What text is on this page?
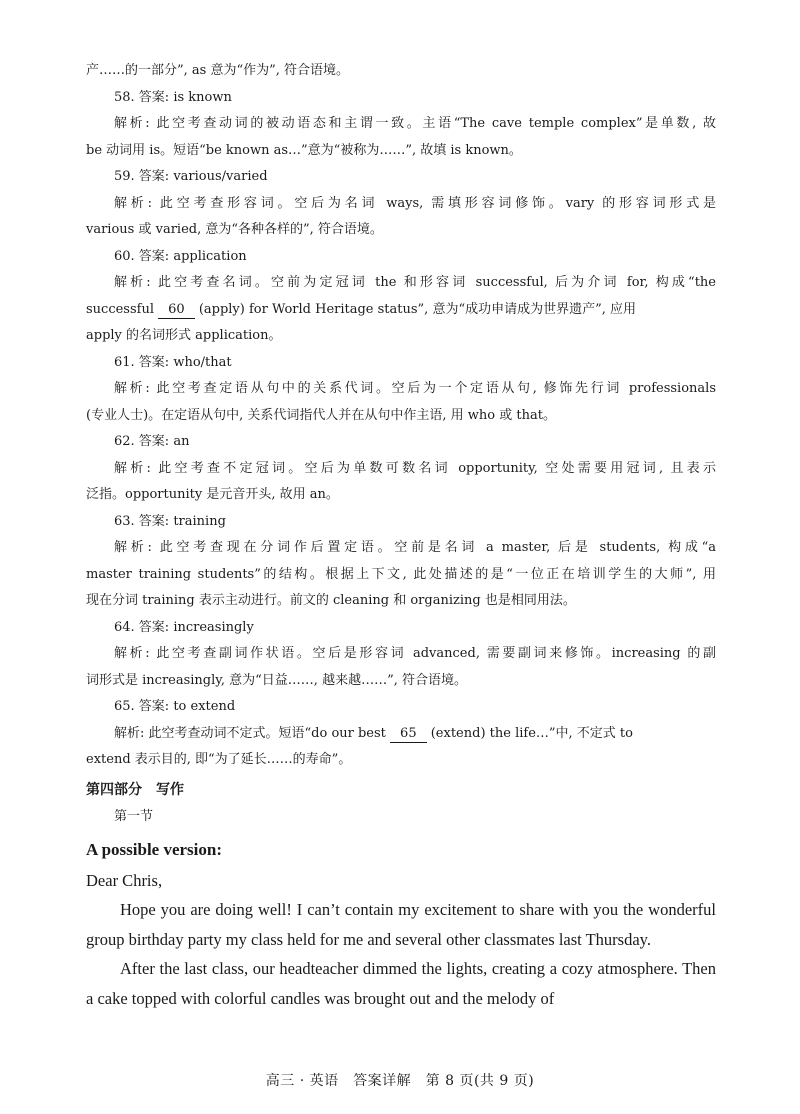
产……的一部分”, as 意为“作为”, 符合语境。
58. 答案: is known
解析: 此空考查动词的被动语态和主谓一致。主语“The cave temple complex”是单数, 故
be 动词用 is。短语“be known as…”意为“被称为……”, 故填 is known。
59. 答案: various/varied
解析: 此空考查形容词。空后为名词 ways, 需填形容词修饰。vary 的形容词形式是
various 或 varied, 意为“各种各样的”, 符合语境。
60. 答案: application
解析: 此空考查名词。空前为定冠词 the 和形容词 successful, 后为介词 for, 构成“the
successful 60 (apply) for World Heritage status”, 意为“成功申请成为世界遗产”, 应用
apply 的名词形式 application。
61. 答案: who/that
解析: 此空考查定语从句中的关系代词。空后为一个定语从句, 修饰先行词 professionals
(专业人士)。在定语从句中, 关系代词指代人并在从句中作主语, 用 who 或 that。
62. 答案: an
解析: 此空考查不定冠词。空后为单数可数名词 opportunity, 空处需要用冠词, 且表示
泛指。opportunity 是元音开头, 故用 an。
63. 答案: training
解析: 此空考查现在分词作后置定语。空前是名词 a master, 后是 students, 构成“a
master training students”的结构。根据上下文, 此处描述的是“一位正在培训学生的大师”, 用
现在分词 training 表示主动进行。前文的 cleaning 和 organizing 也是相同用法。
64. 答案: increasingly
解析: 此空考查副词作状语。空后是形容词 advanced, 需要副词来修饰。increasing 的副
词形式是 increasingly, 意为“日益……, 越来越……”, 符合语境。
65. 答案: to extend
解析: 此空考查动词不定式。短语“do our best 65 (extend) the life…”中, 不定式 to
extend 表示目的, 即“为了延长……的寿命”。
第四部分　写作
第一节
A possible version:
Dear Chris,
Hope you are doing well! I can’t contain my excitement to share with you the wonderful group birthday party my class held for me and several other classmates last Thursday.
After the last class, our headteacher dimmed the lights, creating a cozy atmosphere. Then a cake topped with colorful candles was brought out and the melody of
高三 · 英语　答案详解　第 8 页(共 9 页)
